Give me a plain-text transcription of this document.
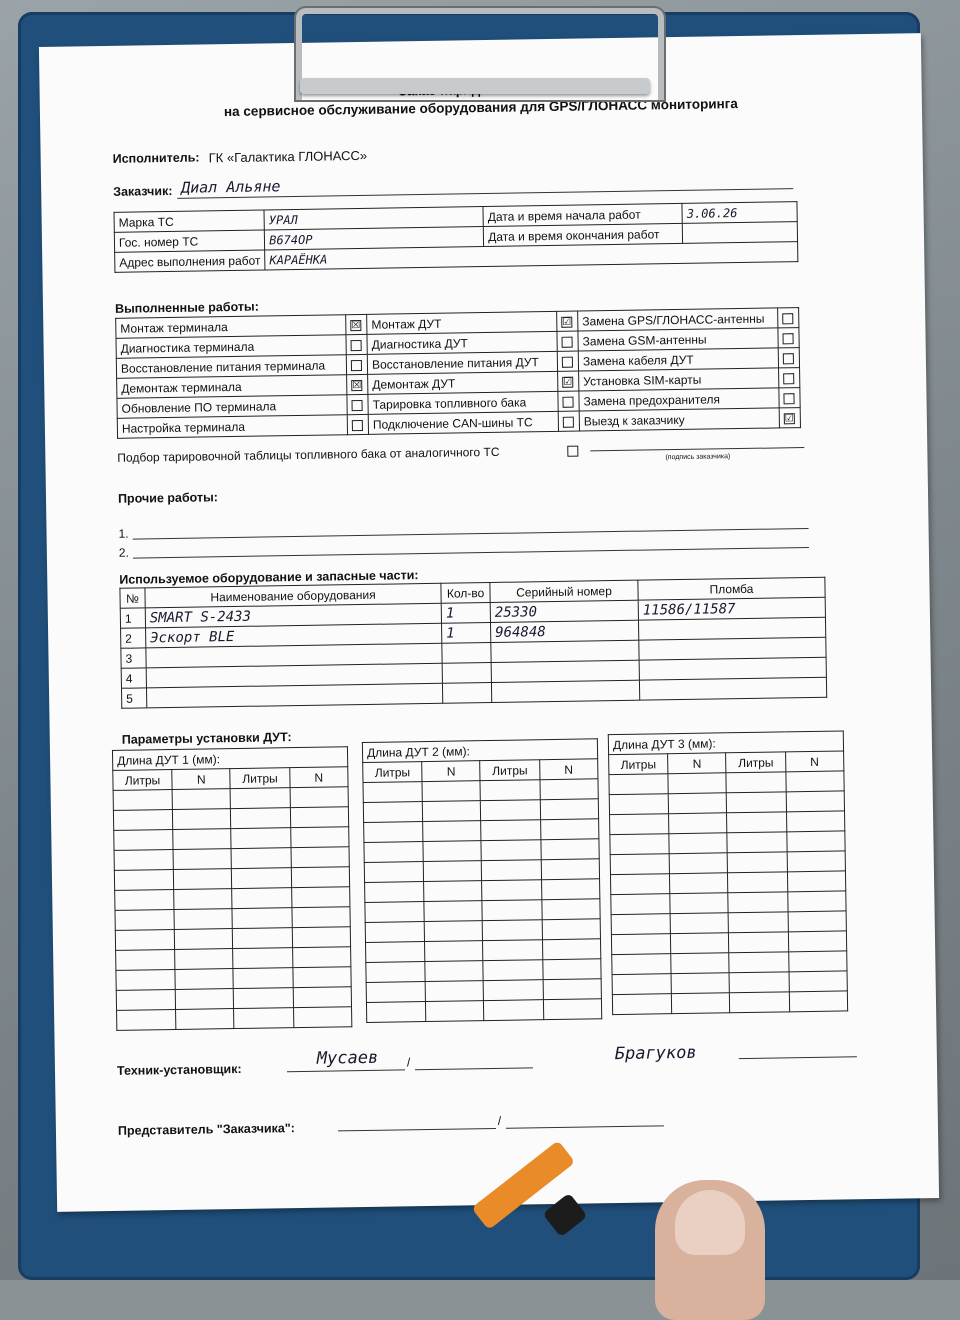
на сервисное обслуживание оборудования для GPS/ГЛОНАСС мониторинга
Исполнитель: ГК «Галактика ГЛОНАСС»
Заказчик: Диал Альяне
Марка ТС	УРАЛ	Дата и время начала работ	3.06.26
Гос. номер ТС	В674ОР	Дата и время окончания работ	
Адрес выполнения работ	КАРАЁНКА		
Выполненные работы:
Монтаж терминала	☒	Монтаж ДУТ	☑	Замена GPS/ГЛОНАСС-антенны	
Диагностика терминала		Диагностика ДУТ		Замена GSM-антенны	
Восстановление питания терминала		Восстановление питания ДУТ		Замена кабеля ДУТ	
Демонтаж терминала	☒	Демонтаж ДУТ	☑	Установка SIM-карты	
Обновление ПО терминала		Тарировка топливного бака		Замена предохранителя	
Настройка терминала		Подключение CAN-шины ТС		Выезд к заказчику	☑
Подбор тарировочной таблицы топливного бака от аналогичного ТС	(подпись заказчика)
Прочие работы:
1.
2.
Используемое оборудование и запасные части:
№	Наименование оборудования	Кол-во	Серийный номер	Пломба
1	SMART S-2433	1	25330	11586/11587
2	Эскорт BLE	1	964848	
3				
4				
5				
Параметры установки ДУТ:
Длина ДУТ 1 (мм):			
Литры	N	Литры	N

Длина ДУТ 2 (мм):			
Литры	N	Литры	N

Длина ДУТ 3 (мм):			
Литры	N	Литры	N

Техник-установщик:
Мусаев /	Брагуков
Представитель "Заказчика":
/
